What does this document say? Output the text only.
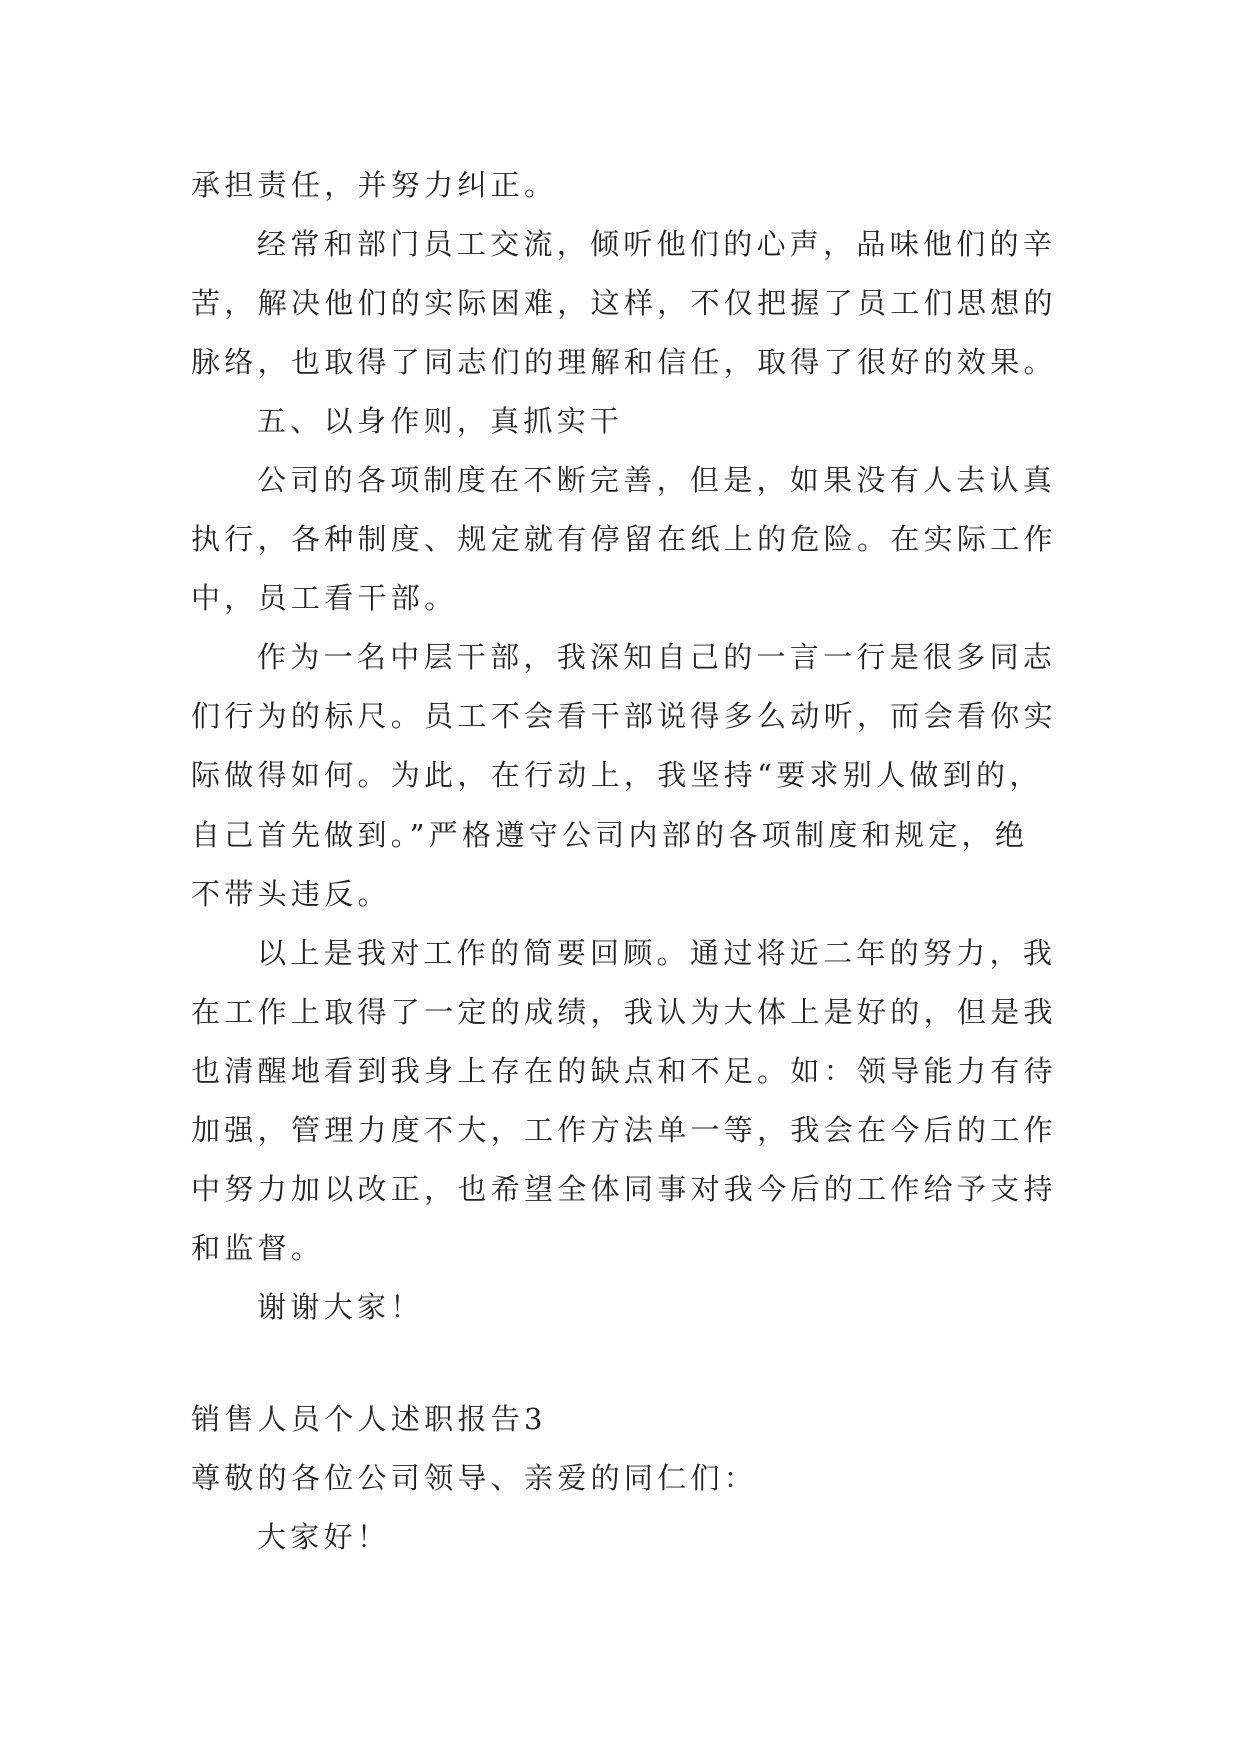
承担责任，并努力纠正。
经常和部门员工交流，倾听他们的心声，品味他们的辛
苦，解决他们的实际困难，这样，不仅把握了员工们思想的
脉络，也取得了同志们的理解和信任，取得了很好的效果。
五、以身作则，真抓实干
公司的各项制度在不断完善，但是，如果没有人去认真
执行，各种制度、规定就有停留在纸上的危险。在实际工作
中，员工看干部。
作为一名中层干部，我深知自己的一言一行是很多同志
们行为的标尺。员工不会看干部说得多么动听，而会看你实
际做得如何。为此，在行动上，我坚持“要求别人做到的，
自己首先做到。”严格遵守公司内部的各项制度和规定，绝
不带头违反。
以上是我对工作的简要回顾。通过将近二年的努力，我
在工作上取得了一定的成绩，我认为大体上是好的，但是我
也清醒地看到我身上存在的缺点和不足。如：领导能力有待
加强，管理力度不大，工作方法单一等，我会在今后的工作
中努力加以改正，也希望全体同事对我今后的工作给予支持
和监督。
谢谢大家！
销售人员个人述职报告3
尊敬的各位公司领导、亲爱的同仁们：
大家好！
